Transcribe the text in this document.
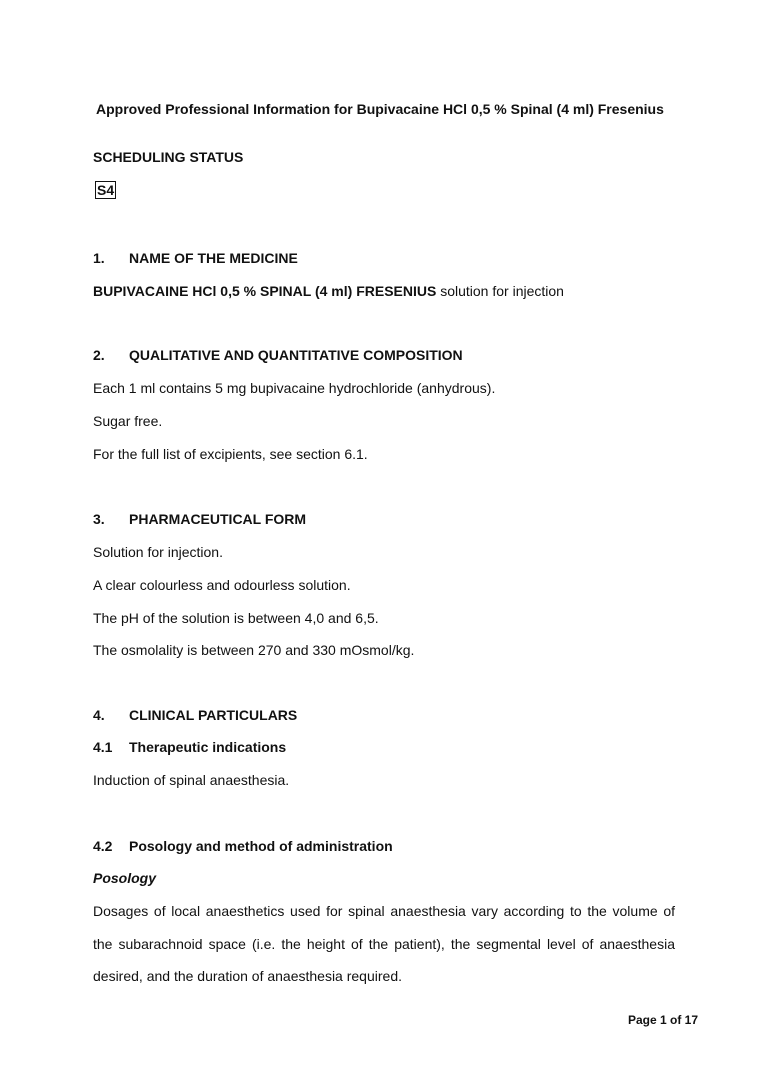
Approved Professional Information for Bupivacaine HCl 0,5 % Spinal (4 ml) Fresenius
SCHEDULING STATUS
S4
1. NAME OF THE MEDICINE
BUPIVACAINE HCl 0,5 % SPINAL (4 ml) FRESENIUS solution for injection
2. QUALITATIVE AND QUANTITATIVE COMPOSITION
Each 1 ml contains 5 mg bupivacaine hydrochloride (anhydrous).
Sugar free.
For the full list of excipients, see section 6.1.
3. PHARMACEUTICAL FORM
Solution for injection.
A clear colourless and odourless solution.
The pH of the solution is between 4,0 and 6,5.
The osmolality is between 270 and 330 mOsmol/kg.
4. CLINICAL PARTICULARS
4.1 Therapeutic indications
Induction of spinal anaesthesia.
4.2 Posology and method of administration
Posology
Dosages of local anaesthetics used for spinal anaesthesia vary according to the volume of
the subarachnoid space (i.e. the height of the patient), the segmental level of anaesthesia
desired, and the duration of anaesthesia required.
Page 1 of 17
